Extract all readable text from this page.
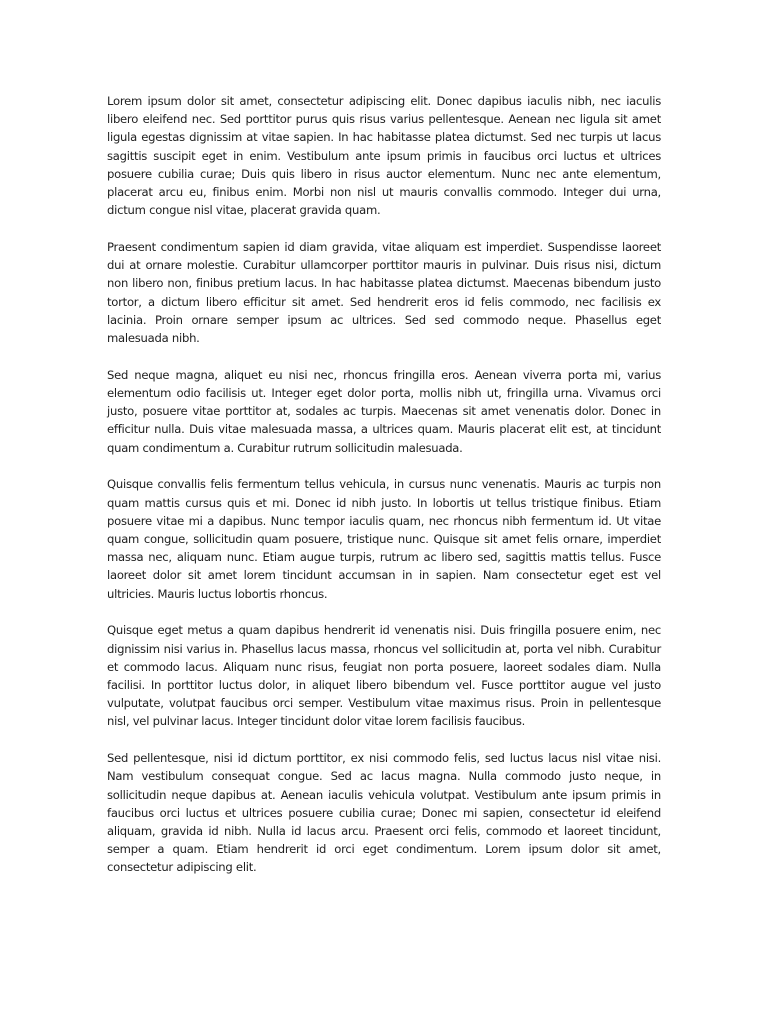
Lorem ipsum dolor sit amet, consectetur adipiscing elit. Donec dapibus iaculis nibh, nec iaculis libero eleifend nec. Sed porttitor purus quis risus varius pellentesque. Aenean nec ligula sit amet ligula egestas dignissim at vitae sapien. In hac habitasse platea dictumst. Sed nec turpis ut lacus sagittis suscipit eget in enim. Vestibulum ante ipsum primis in faucibus orci luctus et ultrices posuere cubilia curae; Duis quis libero in risus auctor elementum. Nunc nec ante elementum, placerat arcu eu, finibus enim. Morbi non nisl ut mauris convallis commodo. Integer dui urna, dictum congue nisl vitae, placerat gravida quam.

Praesent condimentum sapien id diam gravida, vitae aliquam est imperdiet. Suspendisse laoreet dui at ornare molestie. Curabitur ullamcorper porttitor mauris in pulvinar. Duis risus nisi, dictum non libero non, finibus pretium lacus. In hac habitasse platea dictumst. Maecenas bibendum justo tortor, a dictum libero efficitur sit amet. Sed hendrerit eros id felis commodo, nec facilisis ex lacinia. Proin ornare semper ipsum ac ultrices. Sed sed commodo neque. Phasellus eget malesuada nibh.

Sed neque magna, aliquet eu nisi nec, rhoncus fringilla eros. Aenean viverra porta mi, varius elementum odio facilisis ut. Integer eget dolor porta, mollis nibh ut, fringilla urna. Vivamus orci justo, posuere vitae porttitor at, sodales ac turpis. Maecenas sit amet venenatis dolor. Donec in efficitur nulla. Duis vitae malesuada massa, a ultrices quam. Mauris placerat elit est, at tincidunt quam condimentum a. Curabitur rutrum sollicitudin malesuada.

Quisque convallis felis fermentum tellus vehicula, in cursus nunc venenatis. Mauris ac turpis non quam mattis cursus quis et mi. Donec id nibh justo. In lobortis ut tellus tristique finibus. Etiam posuere vitae mi a dapibus. Nunc tempor iaculis quam, nec rhoncus nibh fermentum id. Ut vitae quam congue, sollicitudin quam posuere, tristique nunc. Quisque sit amet felis ornare, imperdiet massa nec, aliquam nunc. Etiam augue turpis, rutrum ac libero sed, sagittis mattis tellus. Fusce laoreet dolor sit amet lorem tincidunt accumsan in in sapien. Nam consectetur eget est vel ultricies. Mauris luctus lobortis rhoncus.

Quisque eget metus a quam dapibus hendrerit id venenatis nisi. Duis fringilla posuere enim, nec dignissim nisi varius in. Phasellus lacus massa, rhoncus vel sollicitudin at, porta vel nibh. Curabitur et commodo lacus. Aliquam nunc risus, feugiat non porta posuere, laoreet sodales diam. Nulla facilisi. In porttitor luctus dolor, in aliquet libero bibendum vel. Fusce porttitor augue vel justo vulputate, volutpat faucibus orci semper. Vestibulum vitae maximus risus. Proin in pellentesque nisl, vel pulvinar lacus. Integer tincidunt dolor vitae lorem facilisis faucibus.

Sed pellentesque, nisi id dictum porttitor, ex nisi commodo felis, sed luctus lacus nisl vitae nisi. Nam vestibulum consequat congue. Sed ac lacus magna. Nulla commodo justo neque, in sollicitudin neque dapibus at. Aenean iaculis vehicula volutpat. Vestibulum ante ipsum primis in faucibus orci luctus et ultrices posuere cubilia curae; Donec mi sapien, consectetur id eleifend aliquam, gravida id nibh. Nulla id lacus arcu. Praesent orci felis, commodo et laoreet tincidunt, semper a quam. Etiam hendrerit id orci eget condimentum. Lorem ipsum dolor sit amet, consectetur adipiscing elit.
